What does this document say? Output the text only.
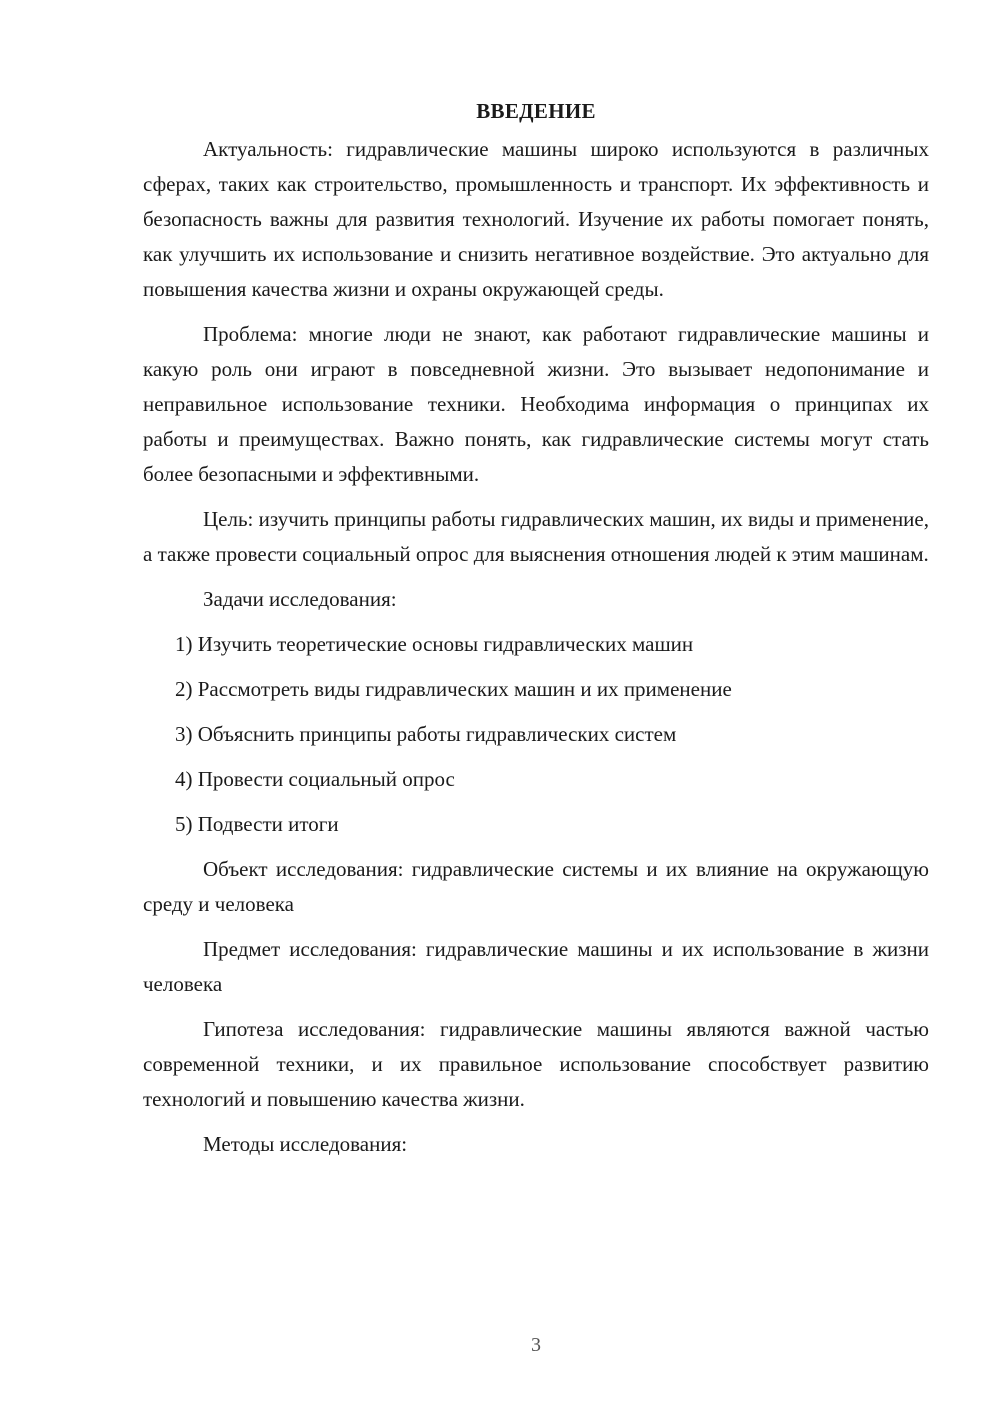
ВВЕДЕНИЕ

Актуальность: гидравлические машины широко используются в различных сферах, таких как строительство, промышленность и транспорт. Их эффективность и безопасность важны для развития технологий. Изучение их работы помогает понять, как улучшить их использование и снизить негативное воздействие. Это актуально для повышения качества жизни и охраны окружающей среды.

Проблема: многие люди не знают, как работают гидравлические машины и какую роль они играют в повседневной жизни. Это вызывает недопонимание и неправильное использование техники. Необходима информация о принципах их работы и преимуществах. Важно понять, как гидравлические системы могут стать более безопасными и эффективными.

Цель: изучить принципы работы гидравлических машин, их виды и применение, а также провести социальный опрос для выяснения отношения людей к этим машинам.

Задачи исследования:

1) Изучить теоретические основы гидравлических машин

2) Рассмотреть виды гидравлических машин и их применение

3) Объяснить принципы работы гидравлических систем

4) Провести социальный опрос

5) Подвести итоги

Объект исследования: гидравлические системы и их влияние на окружающую среду и человека

Предмет исследования: гидравлические машины и их использование в жизни человека

Гипотеза исследования: гидравлические машины являются важной частью современной техники, и их правильное использование способствует развитию технологий и повышению качества жизни.

Методы исследования:

3
